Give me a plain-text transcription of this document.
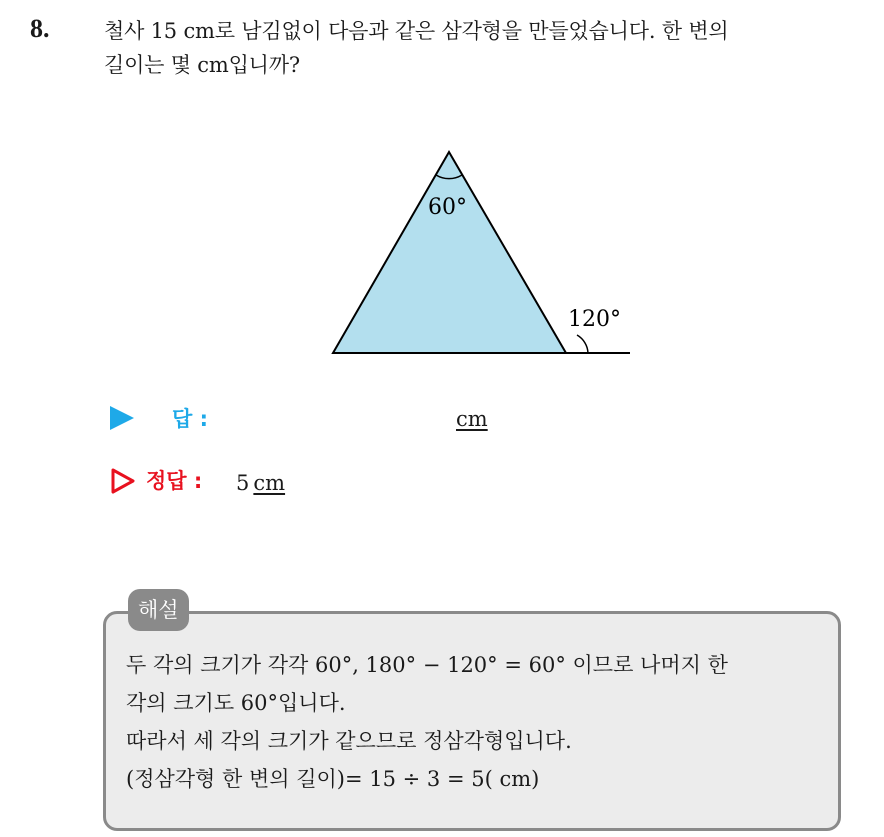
8.	철사 15 cm로 남김없이 다음과 같은 삼각형을 만들었습니다. 한 변의
길이는 몇 cm입니까?
60°
120°
답 :	cm
정답 : 5 cm
해설
두 각의 크기가 각각 60°, 180° − 120° = 60° 이므로 나머지 한
각의 크기도 60°입니다.
따라서 세 각의 크기가 같으므로 정삼각형입니다.
(정삼각형 한 변의 길이)= 15 ÷ 3 = 5( cm)
